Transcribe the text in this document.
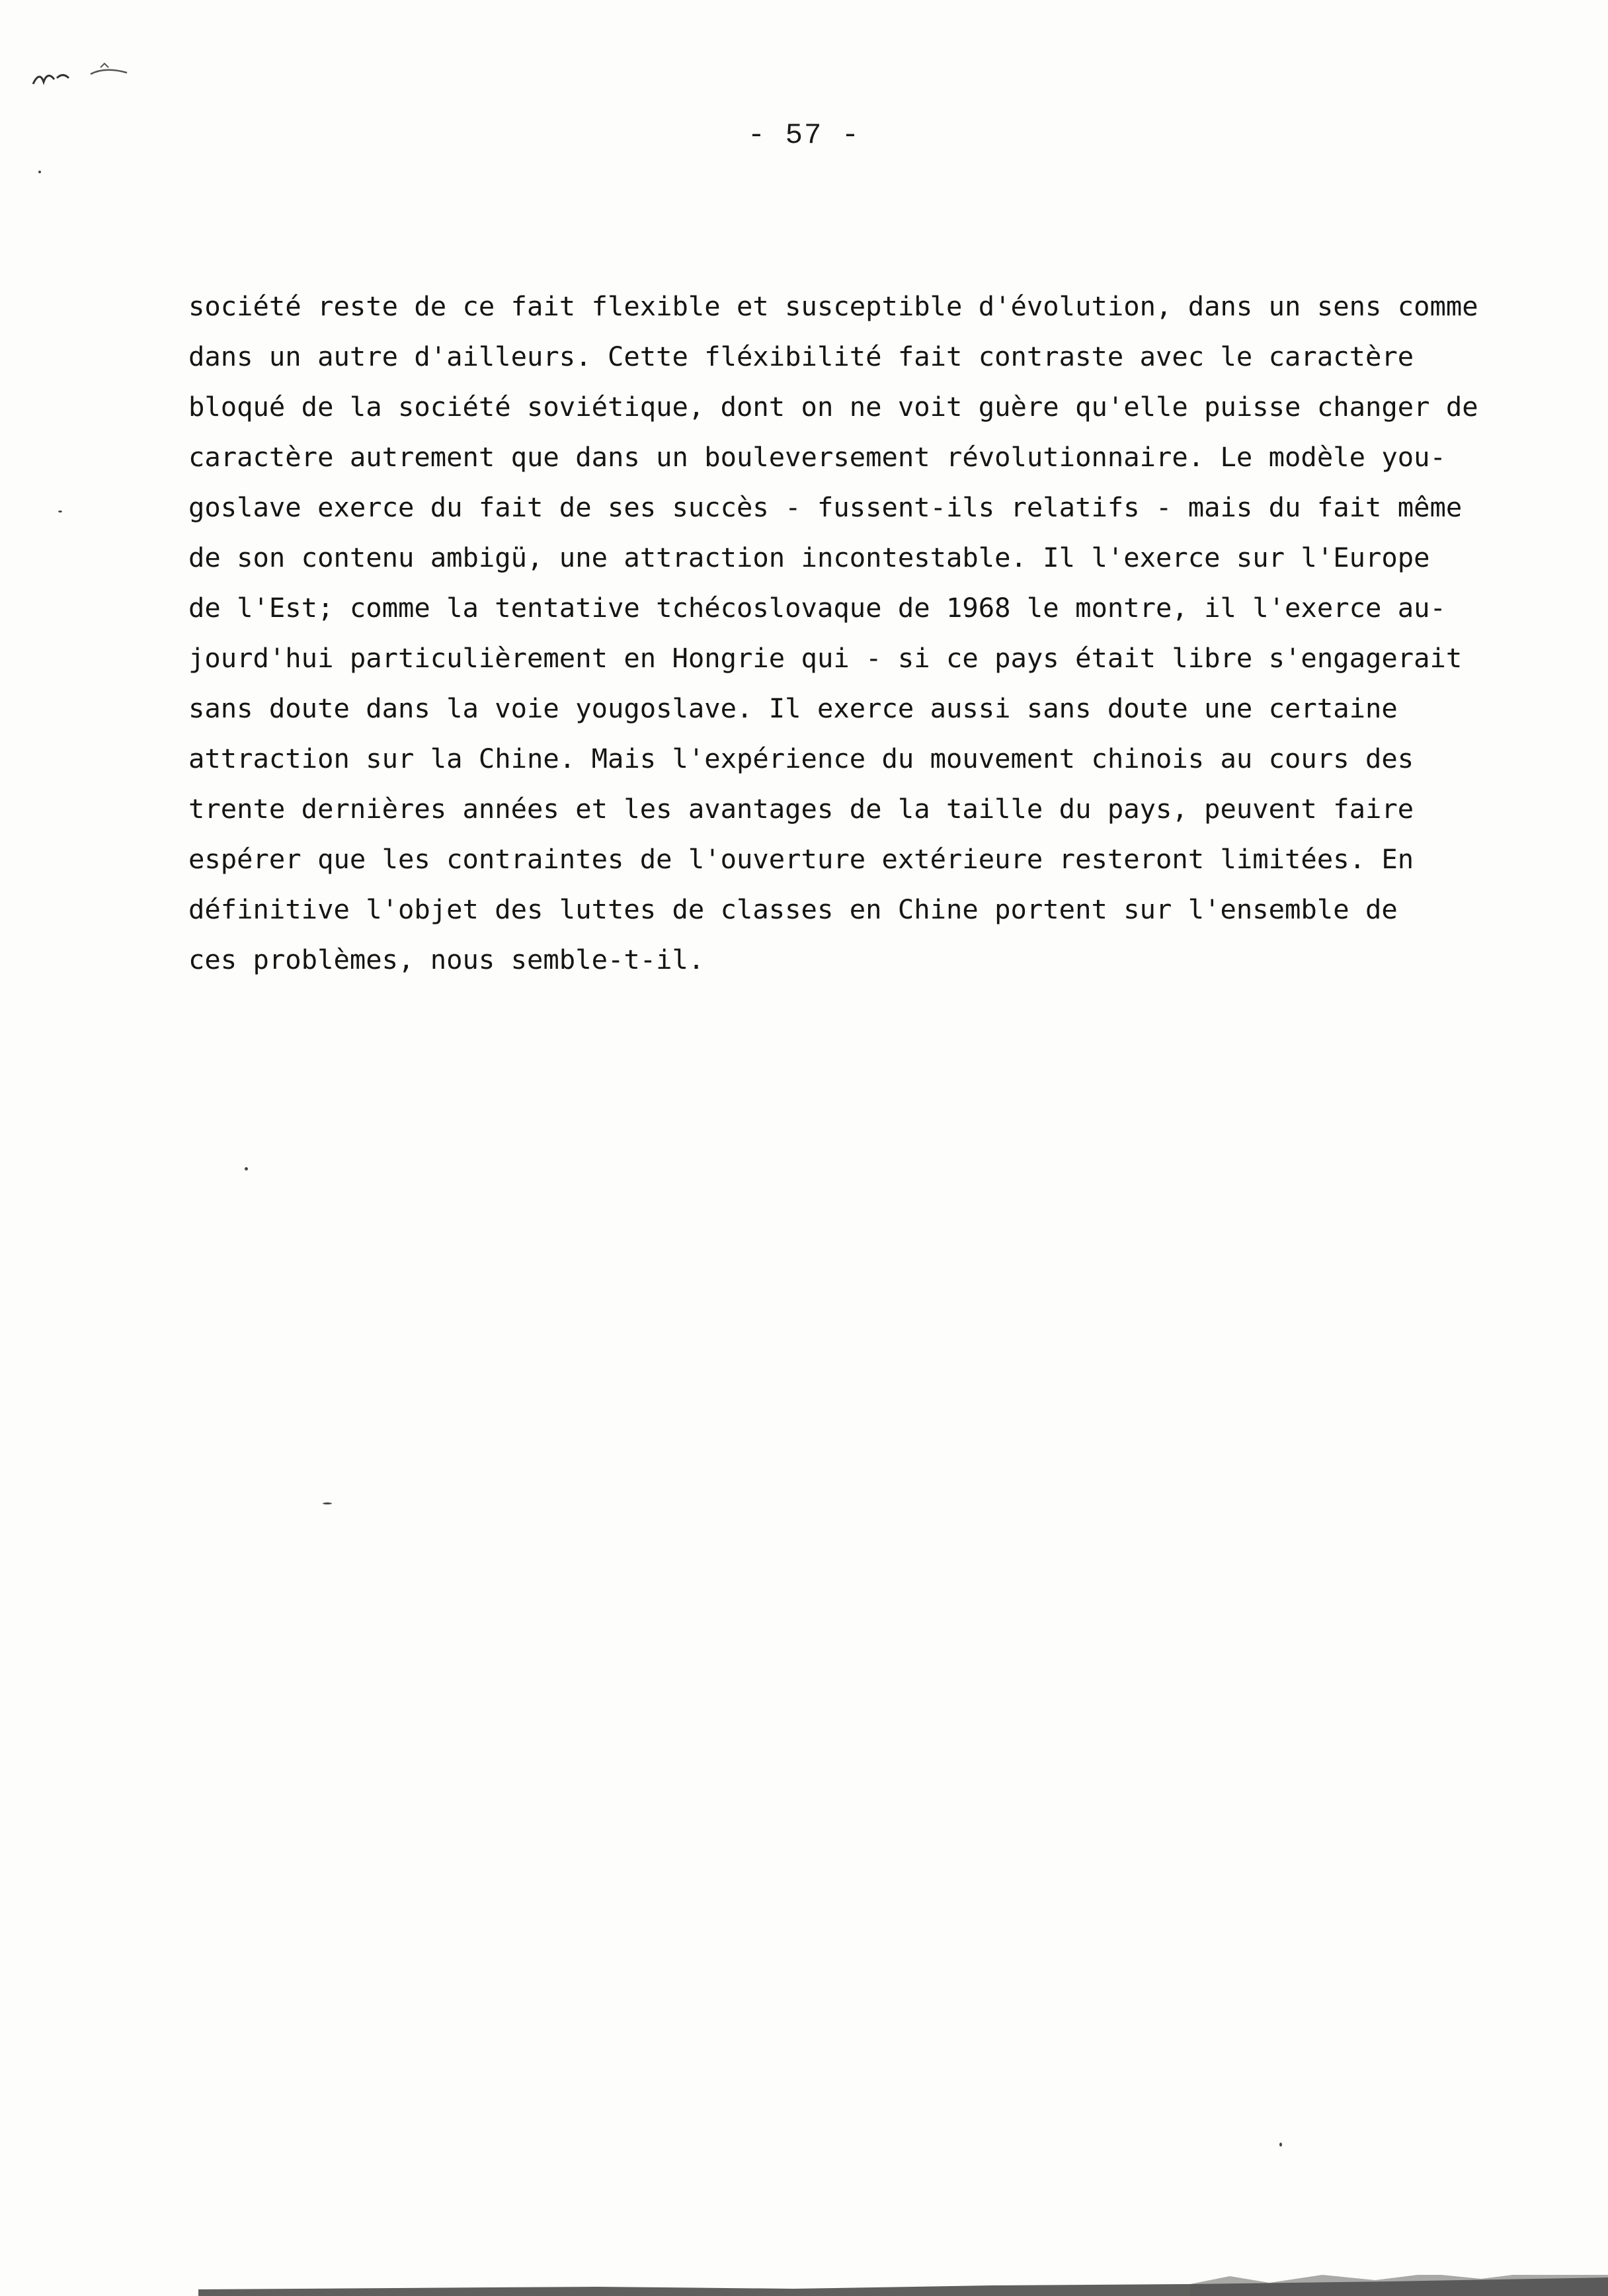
- 57 -
société reste de ce fait flexible et susceptible d'évolution, dans un sens comme
dans un autre d'ailleurs. Cette fléxibilité fait contraste avec le caractère
bloqué de la société soviétique, dont on ne voit guère qu'elle puisse changer de
caractère autrement que dans un bouleversement révolutionnaire. Le modèle you-
goslave exerce du fait de ses succès - fussent-ils relatifs - mais du fait même
de son contenu ambigü, une attraction incontestable. Il l'exerce sur l'Europe
de l'Est; comme la tentative tchécoslovaque de 1968 le montre, il l'exerce au-
jourd'hui particulièrement en Hongrie qui - si ce pays était libre s'engagerait
sans doute dans la voie yougoslave. Il exerce aussi sans doute une certaine
attraction sur la Chine. Mais l'expérience du mouvement chinois au cours des
trente dernières années et les avantages de la taille du pays, peuvent faire
espérer que les contraintes de l'ouverture extérieure resteront limitées. En
définitive l'objet des luttes de classes en Chine portent sur l'ensemble de
ces problèmes, nous semble-t-il.
